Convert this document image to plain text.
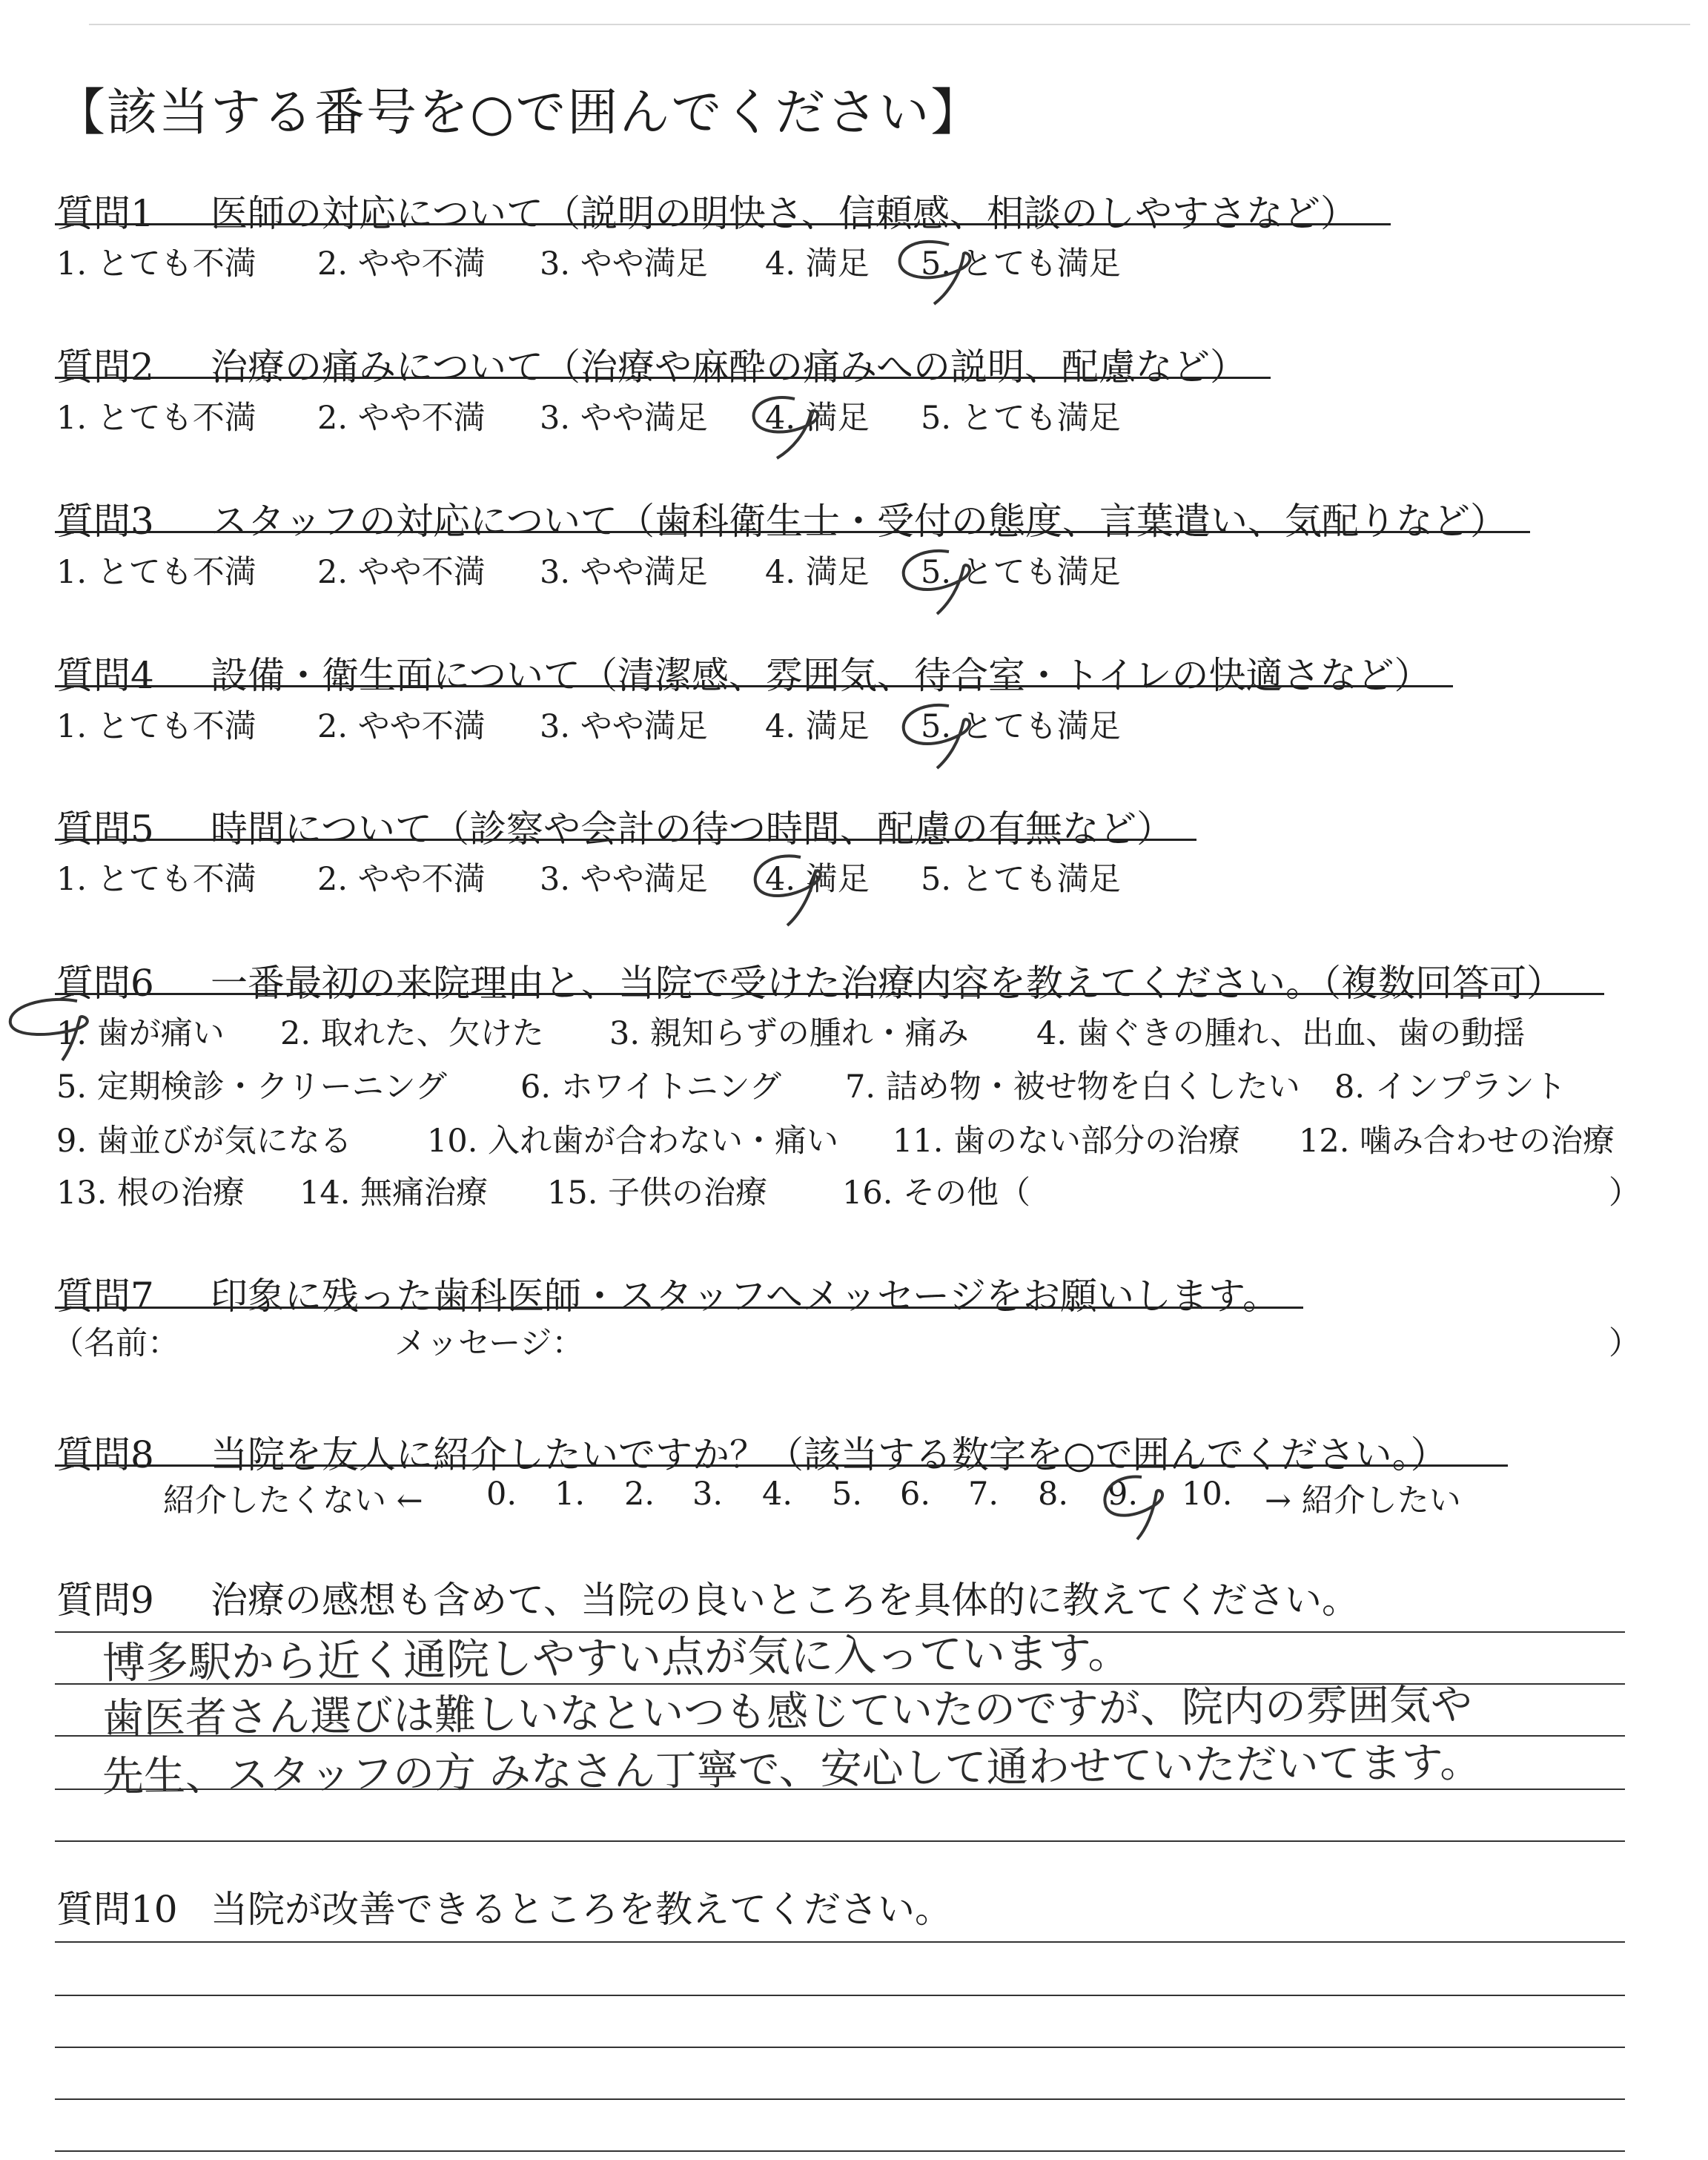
【該当する番号を○で囲んでください】
質問1	医師の対応について（説明の明快さ、信頼感、相談のしやすさなど）
1. とても不満 2. やや不満 3. やや満足 4. 満足 5. とても満足
質問2	治療の痛みについて（治療や麻酔の痛みへの説明、配慮など）
1. とても不満 2. やや不満 3. やや満足 4. 満足 5. とても満足
質問3	スタッフの対応について（歯科衛生士・受付の態度、言葉遣い、気配りなど）
1. とても不満 2. やや不満 3. やや満足 4. 満足 5. とても満足
質問4	設備・衛生面について（清潔感、雰囲気、待合室・トイレの快適さなど）
1. とても不満 2. やや不満 3. やや満足 4. 満足 5. とても満足
質問5	時間について（診察や会計の待つ時間、配慮の有無など）
1. とても不満 2. やや不満 3. やや満足 4. 満足 5. とても満足
質問6	一番最初の来院理由と、当院で受けた治療内容を教えてください。（複数回答可）
1. 歯が痛い 2. 取れた、欠けた 3. 親知らずの腫れ・痛み 4. 歯ぐきの腫れ、出血、歯の動揺
5. 定期検診・クリーニング 6. ホワイトニング 7. 詰め物・被せ物を白くしたい 8. インプラント
9. 歯並びが気になる 10. 入れ歯が合わない・痛い 11. 歯のない部分の治療 12. 噛み合わせの治療
13. 根の治療 14. 無痛治療 15. 子供の治療 16. その他（	）
質問7	印象に残った歯科医師・スタッフへメッセージをお願いします。
（名前：	メッセージ：	）
質問8	当院を友人に紹介したいですか？（該当する数字を○で囲んでください。）
紹介したくない ← 0. 1. 2. 3. 4. 5. 6. 7. 8. 9. 10. → 紹介したい
質問9	治療の感想も含めて、当院の良いところを具体的に教えてください。
博多駅から近く通院しやすい点が気に入っています。
歯医者さん選びは難しいなといつも感じていたのですが、院内の雰囲気や
先生、スタッフの方 みなさん丁寧で、安心して通わせていただいてます。
質問10 当院が改善できるところを教えてください。
